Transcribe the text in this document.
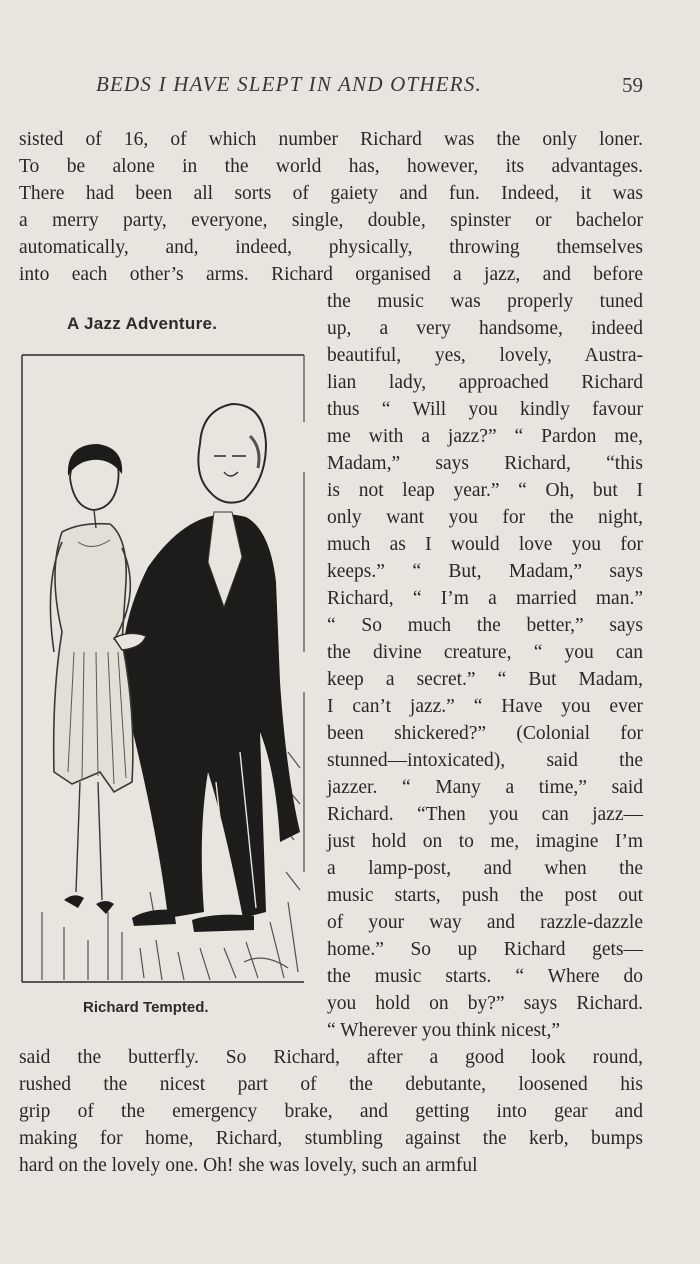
BEDS I HAVE SLEPT IN AND OTHERS.	59
sisted of 16, of which number Richard was the only loner.
To be alone in the world has, however, its advantages.
There had been all sorts of gaiety and fun. Indeed, it was
a merry party, everyone, single, double, spinster or bachelor
automatically, and, indeed, physically, throwing themselves
into each other’s arms. Richard organised a jazz, and before
the music was properly tuned
up, a very handsome, indeed
beautiful, yes, lovely, Austra-
lian lady, approached Richard
thus “ Will you kindly favour
me with a jazz?” “ Pardon me,
Madam,” says Richard, “this
is not leap year.” “ Oh, but I
only want you for the night,
much as I would love you for
keeps.” “ But, Madam,” says
Richard, “ I’m a married man.”
“ So much the better,” says
the divine creature, “ you can
keep a secret.” “ But Madam,
I can’t jazz.” “ Have you ever
been shickered?” (Colonial for
stunned—intoxicated), said the
jazzer. “ Many a time,” said
Richard. “Then you can jazz—
just hold on to me, imagine I’m
a lamp-post, and when the
music starts, push the post out
of your way and razzle-dazzle
home.” So up Richard gets—
the music starts. “ Where do
you hold on by?” says Richard.
“ Wherever you think nicest,”
said the butterfly. So Richard, after a good look round,
rushed the nicest part of the debutante, loosened his
grip of the emergency brake, and getting into gear and
making for home, Richard, stumbling against the kerb, bumps
hard on the lovely one. Oh! she was lovely, such an armful
A Jazz Adventure.
Richard Tempted.
